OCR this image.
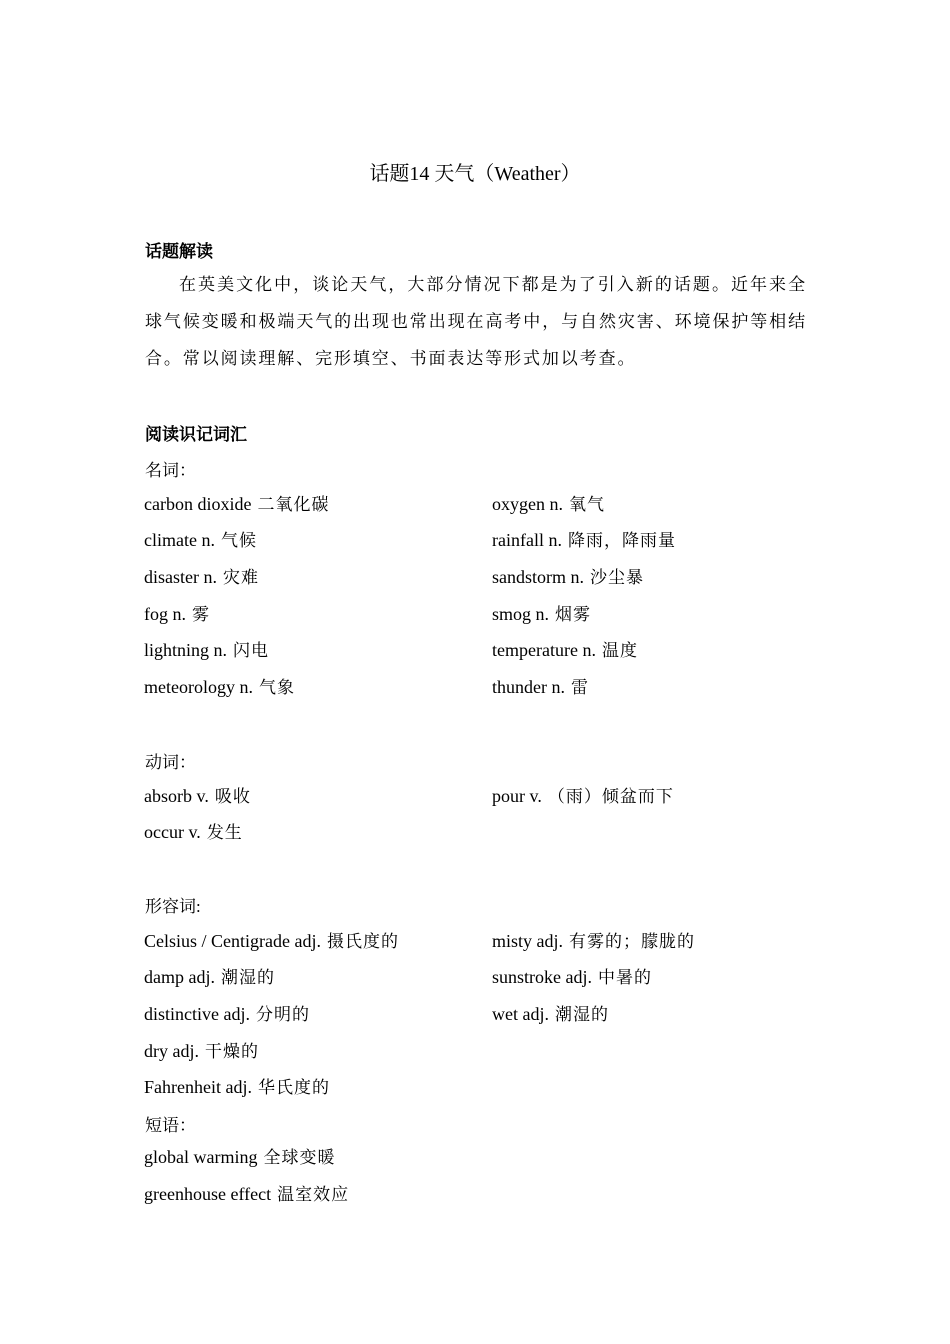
话题14 天气（Weather）
话题解读
在英美文化中，谈论天气，大部分情况下都是为了引入新的话题。近年来全球气候变暖和极端天气的出现也常出现在高考中，与自然灾害、环境保护等相结合。常以阅读理解、完形填空、书面表达等形式加以考查。
阅读识记词汇
名词：
carbon dioxide 二氧化碳	oxygen n. 氧气
climate n. 气候	rainfall n. 降雨，降雨量
disaster n. 灾难	sandstorm n. 沙尘暴
fog n. 雾	smog n. 烟雾
lightning n. 闪电	temperature n. 温度
meteorology n. 气象	thunder n. 雷
动词：
absorb v. 吸收	pour v. （雨）倾盆而下
occur v. 发生
形容词:
Celsius / Centigrade adj. 摄氏度的	misty adj. 有雾的；朦胧的
damp adj. 潮湿的	sunstroke adj. 中暑的
distinctive adj. 分明的	wet adj. 潮湿的
dry adj. 干燥的
Fahrenheit adj. 华氏度的
短语：
global warming 全球变暖
greenhouse effect 温室效应
